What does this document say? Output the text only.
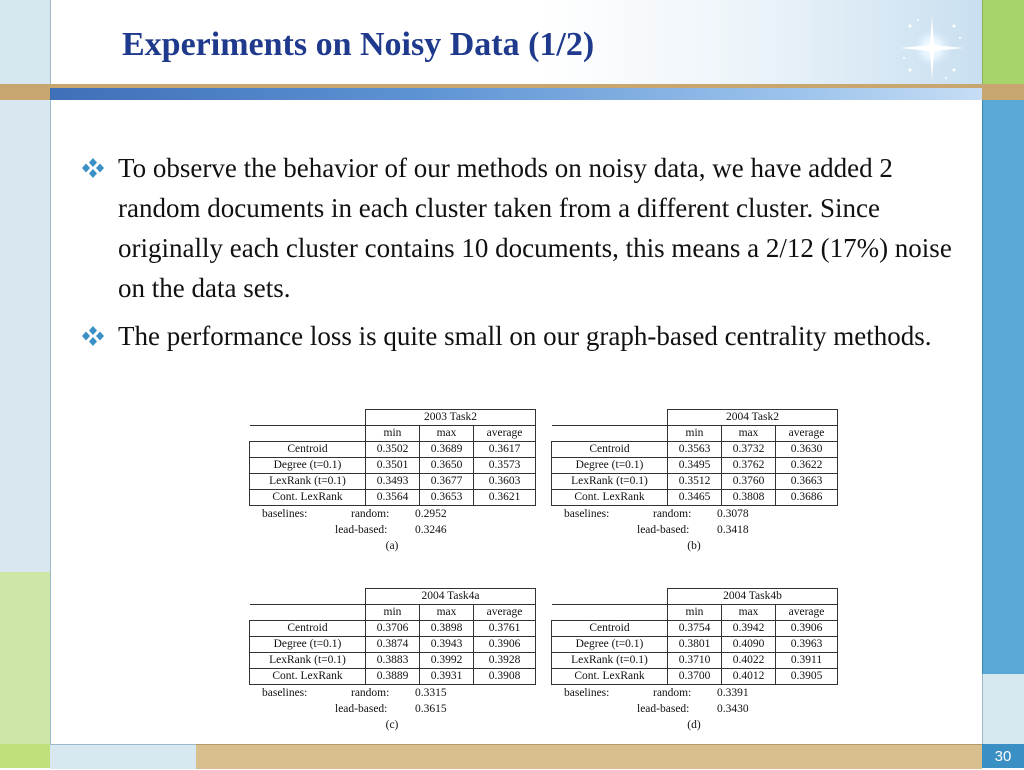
Experiments on Noisy Data (1/2)
To observe the behavior of our methods on noisy data, we have added 2 random documents in each cluster taken from a different cluster. Since originally each cluster contains 10 documents, this means a 2/12 (17%) noise on the data sets.
The performance loss is quite small on our graph-based centrality methods.
	2003 Task2		
	min	max	average
Centroid	0.3502	0.3689	0.3617
Degree (t=0.1)	0.3501	0.3650	0.3573
LexRank (t=0.1)	0.3493	0.3677	0.3603
Cont. LexRank	0.3564	0.3653	0.3621
baselines:	random: 0.2952
lead-based: 0.3246
(a)
	2004 Task2		
	min	max	average
Centroid	0.3563	0.3732	0.3630
Degree (t=0.1)	0.3495	0.3762	0.3622
LexRank (t=0.1)	0.3512	0.3760	0.3663
Cont. LexRank	0.3465	0.3808	0.3686
baselines:	random: 0.3078
lead-based: 0.3418
(b)
	2004 Task4a		
	min	max	average
Centroid	0.3706	0.3898	0.3761
Degree (t=0.1)	0.3874	0.3943	0.3906
LexRank (t=0.1)	0.3883	0.3992	0.3928
Cont. LexRank	0.3889	0.3931	0.3908
baselines:	random: 0.3315
lead-based: 0.3615
(c)
	2004 Task4b		
	min	max	average
Centroid	0.3754	0.3942	0.3906
Degree (t=0.1)	0.3801	0.4090	0.3963
LexRank (t=0.1)	0.3710	0.4022	0.3911
Cont. LexRank	0.3700	0.4012	0.3905
baselines:	random: 0.3391
lead-based: 0.3430
(d)
30
